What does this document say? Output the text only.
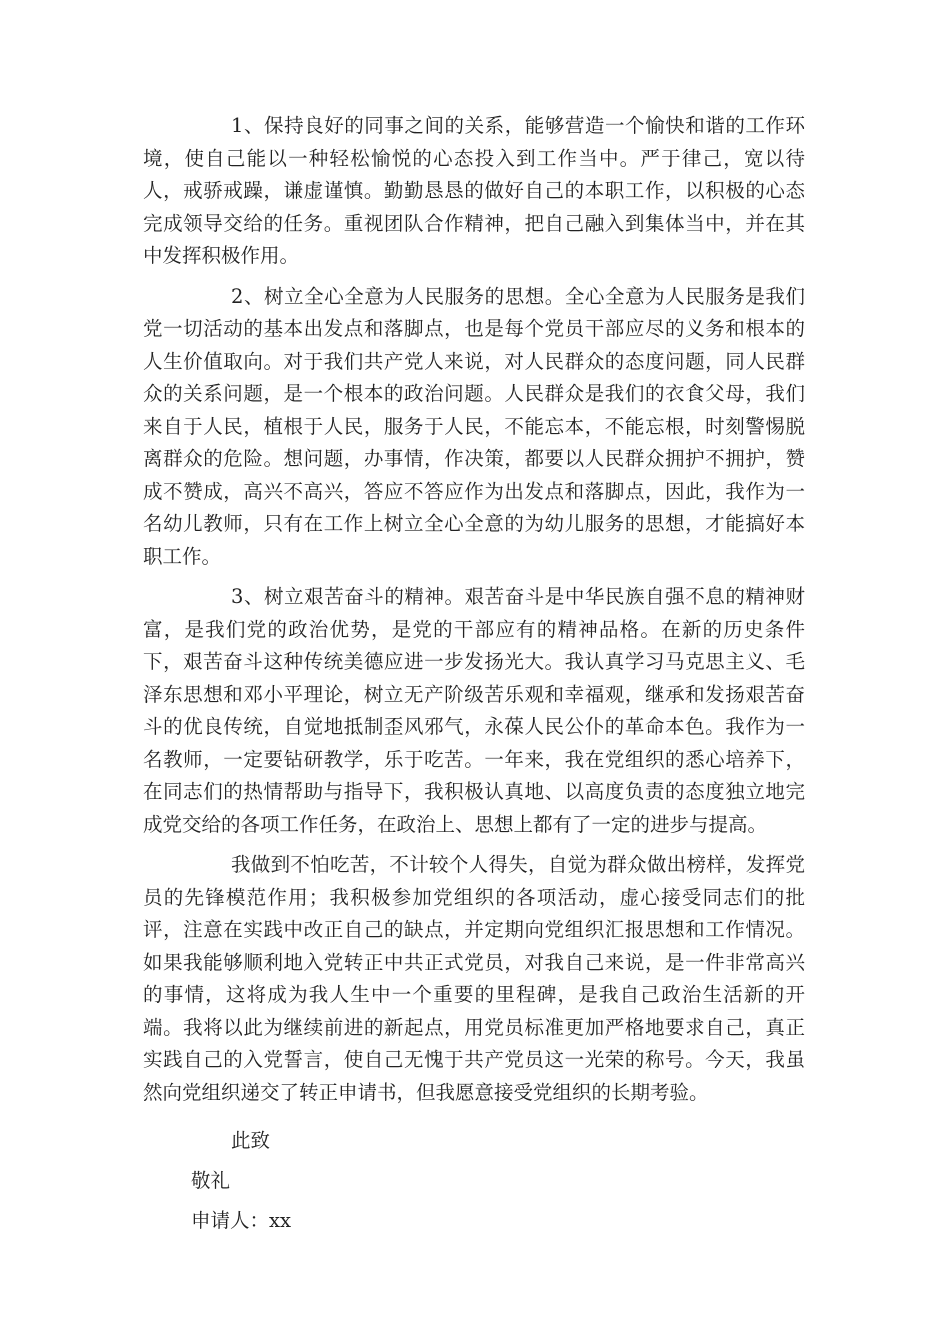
1、保持良好的同事之间的关系，能够营造一个愉快和谐的工作环境，使自己能以一种轻松愉悦的心态投入到工作当中。严于律己，宽以待人，戒骄戒躁，谦虚谨慎。勤勤恳恳的做好自己的本职工作，以积极的心态完成领导交给的任务。重视团队合作精神，把自己融入到集体当中，并在其中发挥积极作用。

2、树立全心全意为人民服务的思想。全心全意为人民服务是我们党一切活动的基本出发点和落脚点，也是每个党员干部应尽的义务和根本的人生价值取向。对于我们共产党人来说，对人民群众的态度问题，同人民群众的关系问题，是一个根本的政治问题。人民群众是我们的衣食父母，我们来自于人民，植根于人民，服务于人民，不能忘本，不能忘根，时刻警惕脱离群众的危险。想问题，办事情，作决策，都要以人民群众拥护不拥护，赞成不赞成，高兴不高兴，答应不答应作为出发点和落脚点，因此，我作为一名幼儿教师，只有在工作上树立全心全意的为幼儿服务的思想，才能搞好本职工作。

3、树立艰苦奋斗的精神。艰苦奋斗是中华民族自强不息的精神财富，是我们党的政治优势，是党的干部应有的精神品格。在新的历史条件下，艰苦奋斗这种传统美德应进一步发扬光大。我认真学习马克思主义、毛泽东思想和邓小平理论，树立无产阶级苦乐观和幸福观，继承和发扬艰苦奋斗的优良传统，自觉地抵制歪风邪气，永葆人民公仆的革命本色。我作为一名教师，一定要钻研教学，乐于吃苦。一年来，我在党组织的悉心培养下，在同志们的热情帮助与指导下，我积极认真地、以高度负责的态度独立地完成党交给的各项工作任务，在政治上、思想上都有了一定的进步与提高。

我做到不怕吃苦，不计较个人得失，自觉为群众做出榜样，发挥党员的先锋模范作用；我积极参加党组织的各项活动，虚心接受同志们的批评，注意在实践中改正自己的缺点，并定期向党组织汇报思想和工作情况。如果我能够顺利地入党转正中共正式党员，对我自己来说，是一件非常高兴的事情，这将成为我人生中一个重要的里程碑，是我自己政治生活新的开端。我将以此为继续前进的新起点，用党员标准更加严格地要求自己，真正实践自己的入党誓言，使自己无愧于共产党员这一光荣的称号。今天，我虽然向党组织递交了转正申请书，但我愿意接受党组织的长期考验。

此致

敬礼

申请人：xx
